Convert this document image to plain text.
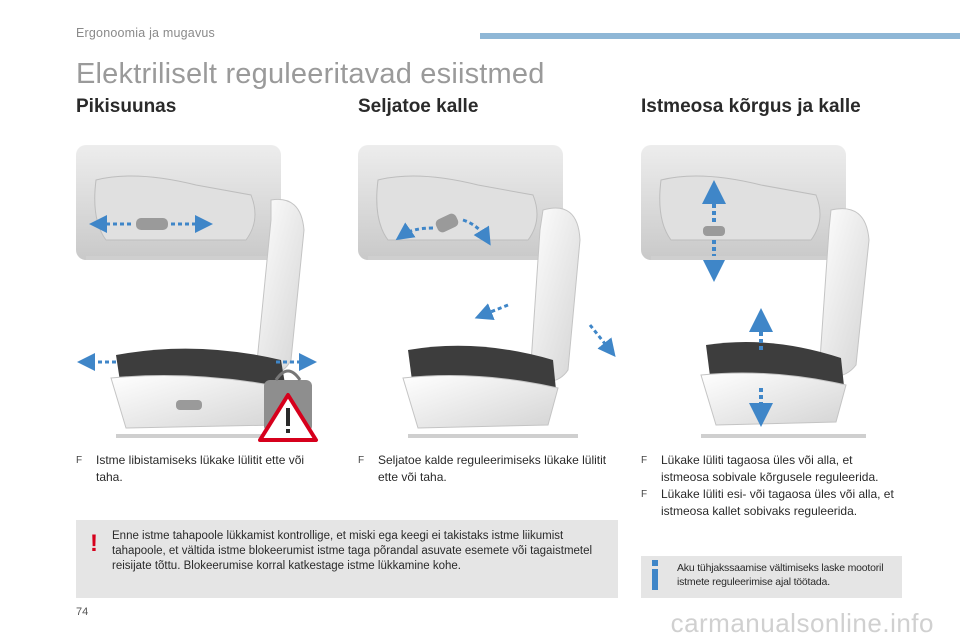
Ergonoomia ja mugavus
Elektriliselt reguleeritavad esiistmed
Pikisuunas	Seljatoe kalle	Istmeosa kõrgus ja kalle
F	Istme libistamiseks lükake lülitit ette või taha.
F	Seljatoe kalde reguleerimiseks lükake lülitit ette või taha.
F	Lükake lüliti tagaosa üles või alla, et istmeosa sobivale kõrgusele reguleerida.
F	Lükake lüliti esi- või tagaosa üles või alla, et istmeosa kallet sobivaks reguleerida.
! Enne istme tahapoole lükkamist kontrollige, et miski ega keegi ei takistaks istme liikumist tahapoole, et vältida istme blokeerumist istme taga põrandal asuvate esemete või tagaistmetel reisijate tõttu. Blokeerumise korral katkestage istme lükkamine kohe.	Aku tühjakssaamise vältimiseks laske mootoril istmete reguleerimise ajal töötada.
74	carmanualsonline.info
